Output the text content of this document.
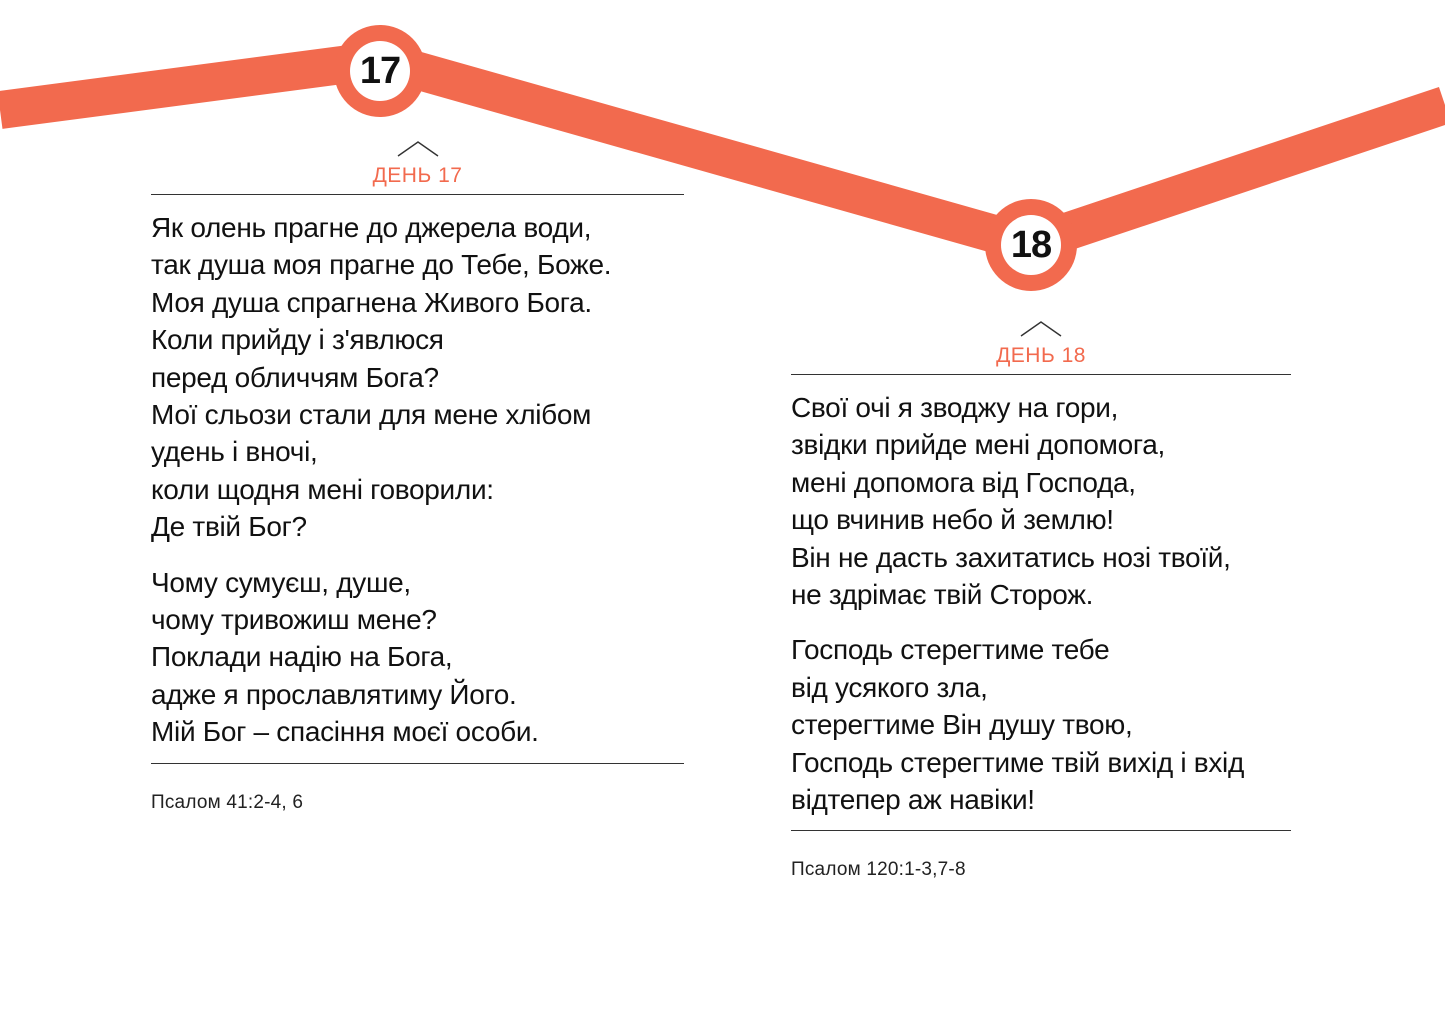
17
18
ДЕНЬ 17
Як олень прагне до джерела води,
так душа моя прагне до Тебе, Боже.
Моя душа спрагнена Живого Бога.
Коли прийду і з'явлюся
перед обличчям Бога?
Мої сльози стали для мене хлібом
удень і вночі,
коли щодня мені говорили:
Де твій Бог?
Чому сумуєш, душе,
чому тривожиш мене?
Поклади надію на Бога,
адже я прославлятиму Його.
Мій Бог – спасіння моєї особи.
Псалом 41:2-4, 6
ДЕНЬ 18
Свої очі я зводжу на гори,
звідки прийде мені допомога,
мені допомога від Господа,
що вчинив небо й землю!
Він не дасть захитатись нозі твоїй,
не здрімає твій Сторож.
Господь стерегтиме тебе
від усякого зла,
стерегтиме Він душу твою,
Господь стерегтиме твій вихід і вхід
відтепер аж навіки!
Псалом 120:1-3,7-8
